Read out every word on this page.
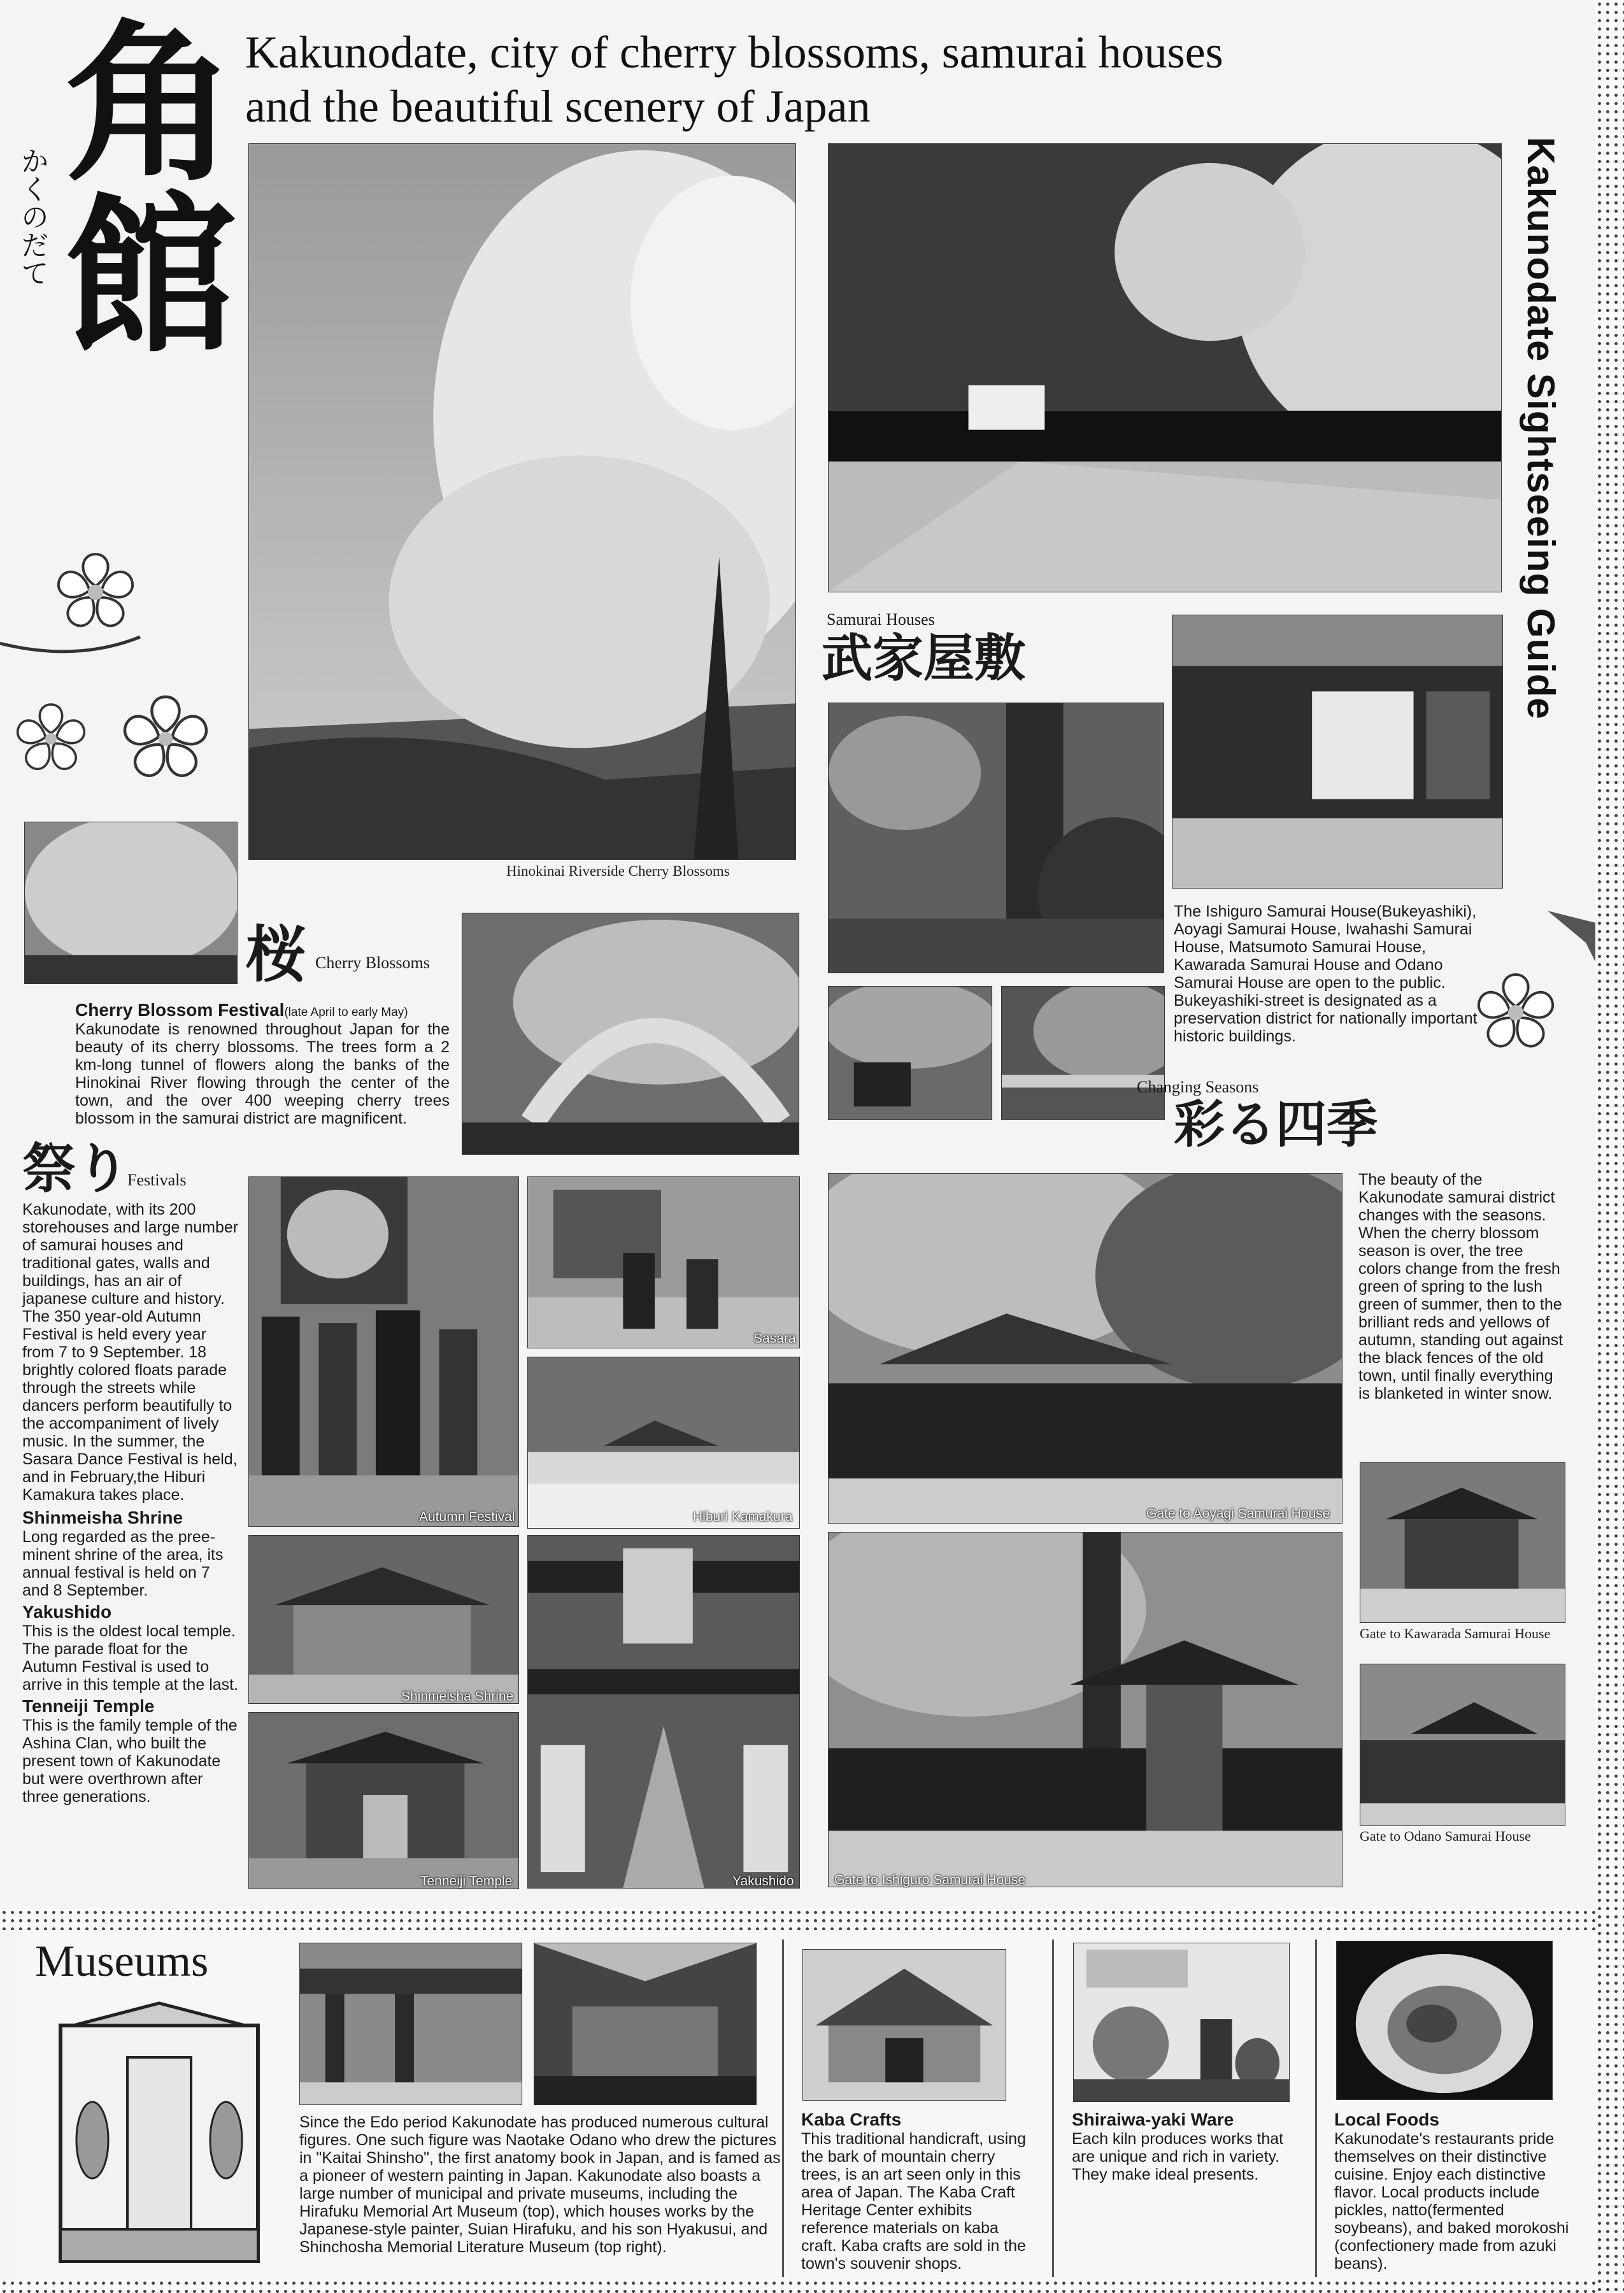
角館
かくのだて
Kakunodate, city of cherry blossoms, samurai houses
and the beautiful scenery of Japan
Kakunodate Sightseeing Guide
Hinokinai Riverside Cherry Blossoms
桜 Cherry Blossoms
Cherry Blossom Festival(late April to early May)
Kakunodate is renowned throughout Japan for the beauty of its cherry blossoms. The trees form a 2 km-long tunnel of flowers along the banks of the Hinokinai River flowing through the center of the town, and the over 400 weeping cherry trees blossom in the samurai district are magnificent.
Samurai Houses
武家屋敷
The Ishiguro Samurai House(Bukeyashiki), Aoyagi Samurai House, Iwahashi Samurai House, Matsumoto Samurai House, Kawarada Samurai House and Odano Samurai House are open to the public. Bukeyashiki-street is designated as a preservation district for nationally important historic buildings.
Changing Seasons
彩る四季
祭り
Festivals
Kakunodate, with its 200 storehouses and large number of samurai houses and traditional gates, walls and buildings, has an air of japanese culture and history. The 350 year-old Autumn Festival is held every year from 7 to 9 September. 18 brightly colored floats parade through the streets while dancers perform beautifully to the accompaniment of lively music. In the summer, the Sasara Dance Festival is held, and in February,the Hiburi Kamakura takes place.
Shinmeisha Shrine
Long regarded as the pree-minent shrine of the area, its annual festival is held on 7 and 8 September.
Yakushido
This is the oldest local temple. The parade float for the Autumn Festival is used to arrive in this temple at the last.
Tenneiji Temple
This is the family temple of the Ashina Clan, who built the present town of Kakunodate but were overthrown after three generations.
Autumn Festival
Sasara
Hiburi Kamakura
Shinmeisha Shrine
Yakushido
Tenneiji Temple
Gate to Aoyagi Samurai House
The beauty of the Kakunodate samurai district changes with the seasons. When the cherry blossom season is over, the tree colors change from the fresh green of spring to the lush green of summer, then to the brilliant reds and yellows of autumn, standing out against the black fences of the old town, until finally everything is blanketed in winter snow.
Gate to Kawarada Samurai House
Gate to Odano Samurai House
Gate to Ishiguro Samurai House
Museums
Since the Edo period Kakunodate has produced numerous cultural figures. One such figure was Naotake Odano who drew the pictures in "Kaitai Shinsho", the first anatomy book in Japan, and is famed as a pioneer of western painting in Japan. Kakunodate also boasts a large number of municipal and private museums, including the Hirafuku Memorial Art Museum (top), which houses works by the Japanese-style painter, Suian Hirafuku, and his son Hyakusui, and Shinchosha Memorial Literature Museum (top right).
Kaba Crafts
This traditional handicraft, using the bark of mountain cherry trees, is an art seen only in this area of Japan. The Kaba Craft Heritage Center exhibits reference materials on kaba craft. Kaba crafts are sold in the town's souvenir shops.
Shiraiwa-yaki Ware
Each kiln produces works that are unique and rich in variety. They make ideal presents.
Local Foods
Kakunodate's restaurants pride themselves on their distinctive cuisine. Enjoy each distinctive flavor. Local products include pickles, natto(fermented soybeans), and baked morokoshi (confectionery made from azuki beans).
